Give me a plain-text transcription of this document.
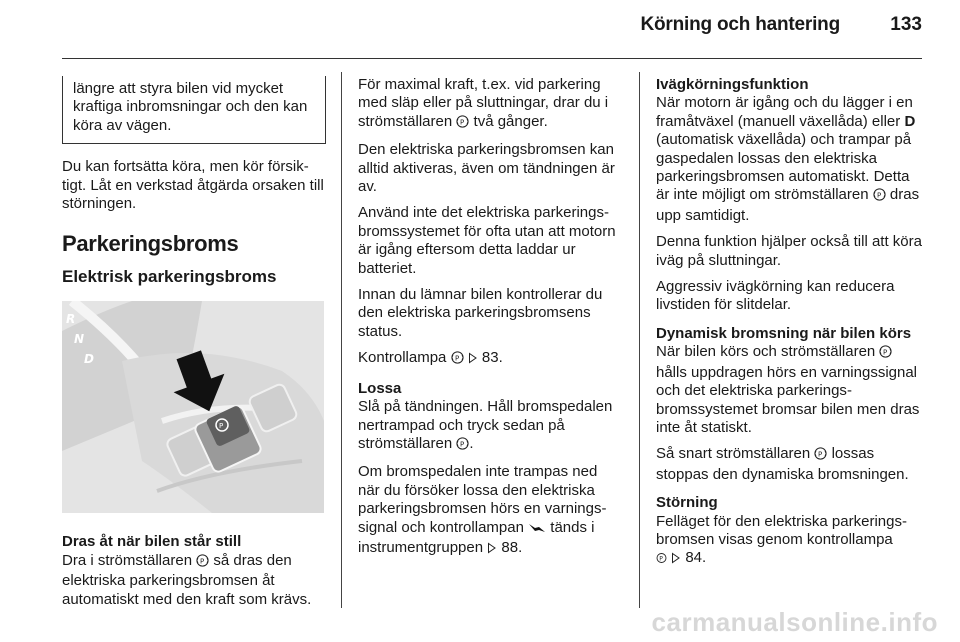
Körning och hantering	133
längre att styra bilen vid mycket kraftiga inbromsningar och den kan köra av vägen.

Du kan fortsätta köra, men kör försiktigt. Låt en verkstad åtgärda orsaken till störningen.

Parkeringsbroms
Elektrisk parkeringsbroms
P
R
N
D
Dras åt när bilen står still

Dra i strömställaren P så dras den elektriska parkeringsbromsen åt automatiskt med den kraft som krävs.

För maximal kraft, t.ex. vid parkering med släp eller på sluttningar, drar du i strömställaren P två gånger.

Den elektriska parkeringsbromsen kan alltid aktiveras, även om tändningen är av.

Använd inte det elektriska parkeringsbromssystemet för ofta utan att motorn är igång eftersom detta laddar ur batteriet.

Innan du lämnar bilen kontrollerar du den elektriska parkeringsbromsens status.

Kontrollampa P 83.

Lossa

Slå på tändningen. Håll bromspedalen nertrampad och tryck sedan på strömställaren P .

Om bromspedalen inte trampas ned när du försöker lossa den elektriska parkeringsbromsen hörs en varningssignal och kontrollampan  tänds i instrumentgruppen  88.

Ivägkörningsfunktion

När motorn är igång och du lägger i en framåtväxel (manuell växellåda) eller D (automatisk växellåda) och trampar på gaspedalen lossas den elektriska parkeringsbromsen automatiskt. Detta är inte möjligt om strömställaren P dras upp samtidigt.

Denna funktion hjälper också till att köra iväg på sluttningar.

Aggressiv ivägkörning kan reducera livstiden för slitdelar.

Dynamisk bromsning när bilen körs

När bilen körs och strömställaren P
hålls uppdragen hörs en varningssignal och det elektriska parkeringsbromssystemet bromsar bilen men dras inte åt statiskt.

Så snart strömställaren P lossas stoppas den dynamiska bromsningen.

Störning

Felläget för den elektriska parkeringsbromsen visas genom kontrollampa

P 84.

carmanualsonline.info
